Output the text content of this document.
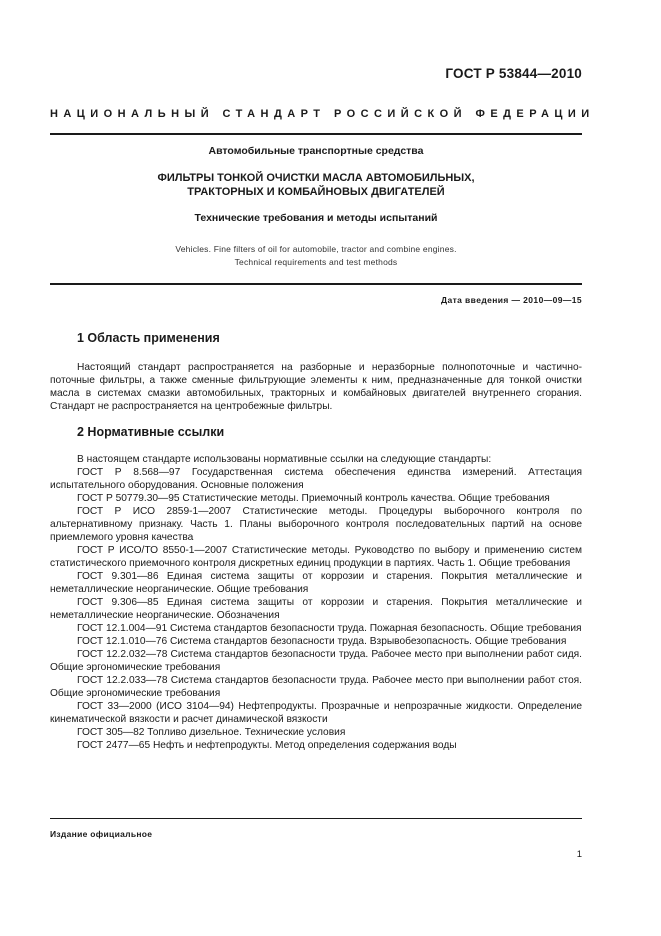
ГОСТ Р 53844—2010
НАЦИОНАЛЬНЫЙ СТАНДАРТ РОССИЙСКОЙ ФЕДЕРАЦИИ
Автомобильные транспортные средства
ФИЛЬТРЫ ТОНКОЙ ОЧИСТКИ МАСЛА АВТОМОБИЛЬНЫХ,
ТРАКТОРНЫХ И КОМБАЙНОВЫХ ДВИГАТЕЛЕЙ
Технические требования и методы испытаний
Vehicles. Fine filters of oil for automobile, tractor and combine engines.
Technical requirements and test methods
Дата введения — 2010—09—15
1 Область применения
Настоящий стандарт распространяется на разборные и неразборные полнопоточные и частично-поточные фильтры, а также сменные фильтрующие элементы к ним, предназначенные для тонкой очистки масла в системах смазки автомобильных, тракторных и комбайновых двигателей внутреннего сгорания. Стандарт не распространяется на центробежные фильтры.
2 Нормативные ссылки
В настоящем стандарте использованы нормативные ссылки на следующие стандарты:
ГОСТ Р 8.568—97 Государственная система обеспечения единства измерений. Аттестация испытательного оборудования. Основные положения
ГОСТ Р 50779.30—95 Статистические методы. Приемочный контроль качества. Общие требования
ГОСТ Р ИСО 2859-1—2007 Статистические методы. Процедуры выборочного контроля по альтернативному признаку. Часть 1. Планы выборочного контроля последовательных партий на основе приемлемого уровня качества
ГОСТ Р ИСО/ТО 8550-1—2007 Статистические методы. Руководство по выбору и применению систем статистического приемочного контроля дискретных единиц продукции в партиях. Часть 1. Общие требования
ГОСТ 9.301—86 Единая система защиты от коррозии и старения. Покрытия металлические и неметаллические неорганические. Общие требования
ГОСТ 9.306—85 Единая система защиты от коррозии и старения. Покрытия металлические и неметаллические неорганические. Обозначения
ГОСТ 12.1.004—91 Система стандартов безопасности труда. Пожарная безопасность. Общие требования
ГОСТ 12.1.010—76 Система стандартов безопасности труда. Взрывобезопасность. Общие требования
ГОСТ 12.2.032—78 Система стандартов безопасности труда. Рабочее место при выполнении работ сидя. Общие эргономические требования
ГОСТ 12.2.033—78 Система стандартов безопасности труда. Рабочее место при выполнении работ стоя. Общие эргономические требования
ГОСТ 33—2000 (ИСО 3104—94) Нефтепродукты. Прозрачные и непрозрачные жидкости. Определение кинематической вязкости и расчет динамической вязкости
ГОСТ 305—82 Топливо дизельное. Технические условия
ГОСТ 2477—65 Нефть и нефтепродукты. Метод определения содержания воды
Издание официальное
1
